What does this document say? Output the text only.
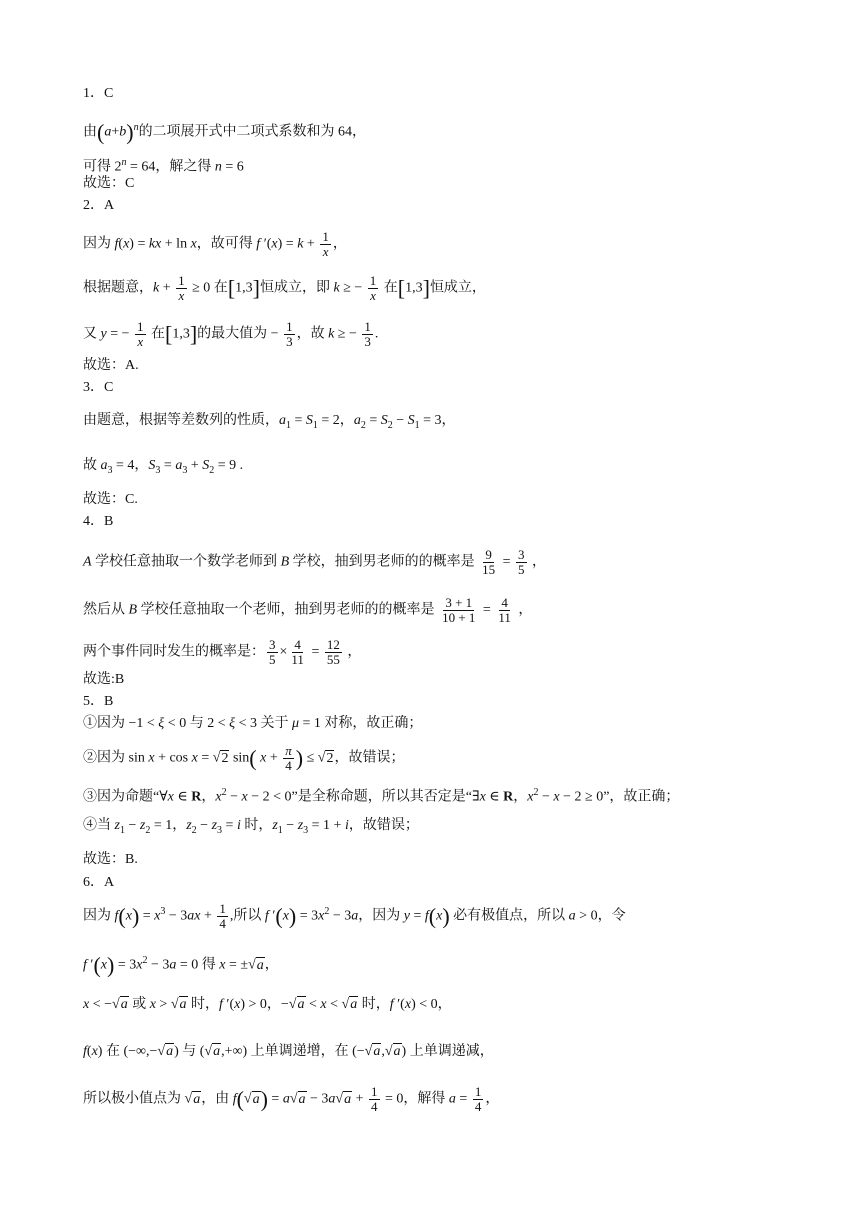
1．C
由$(a+b)^n$的二项展开式中二项式系数和为 64，
可得 $2^n = 64$，解之得 n = 6
故选：C
2．A
因为 f(x) = kx + ln x，故可得 f $'(x) = k + \frac{1}{x}$ ，
根据题意，$k + \frac{1}{x} \ge 0$ 在[1,3]恒成立，即 k ≥ − $\frac{1}{x}$ 在[1,3]恒成立，
又 y = − $\frac{1}{x}$ 在[1,3]的最大值为 − $\frac{1}{3}$ ，故 k ≥ − $\frac{1}{3}$ .
故选：A.
3．C
由题意，根据等差数列的性质，$a_1 = S_1 = 2$，$a_2 = S_2 - S_1 = 3$，
故 $a_3 = 4$，$S_3 = a_3 + S_2 = 9$ .
故选：C.
4．B
A 学校任意抽取一个数学老师到 B 学校，抽到男老师的的概率是 $\frac{9}{15} = \frac{3}{5}$ ，
然后从 B 学校任意抽取一个老师，抽到男老师的的概率是 $\frac{3 + 1}{10 + 1} = \frac{4}{11}$ ，
两个事件同时发生的概率是： $\frac{3}{5} \times \frac{4}{11} = \frac{12}{55}$ ，
故选:B
5．B
①因为 −1 < ξ < 0 与 2 < ξ < 3 关于 μ = 1 对称，故正确；
②因为 sin x + cos x = √2 sin( $x + \frac{\pi}{4}$ ) ≤ √2，故错误；
③因为命题“∀x ∈ R，$x^2 - x - 2 < 0$”是全称命题，所以其否定是“∃x ∈ R，$x^2 - x - 2 \ge 0$”，故正确；
④当 $z_1 - z_2 = 1$，$z_2 - z_3 = i$ 时，$z_1 - z_3 = 1 + i$，故错误；
故选：B.
6．A
因为 $f(x) = x^3 - 3ax + \frac{1}{4}$ ,所以 f $'(x) = 3x^2 - 3a$，因为 y = f(x) 必有极值点，所以 a > 0，令
f $'(x) = 3x^2 - 3a = 0$ 得 x = ±√a，
x < −√a 或 x > √a 时，f ′(x) > 0，−√a < x < √a 时，f ′(x) < 0，
f(x) 在 (−∞,−√a) 与 (√a,+∞) 上单调递增，在 (−√a,√a) 上单调递减，
所以极小值点为 √a，由 $f(√a) = a√a - 3a√a + \frac{1}{4} = 0$，解得 $a = \frac{1}{4}$ ，
